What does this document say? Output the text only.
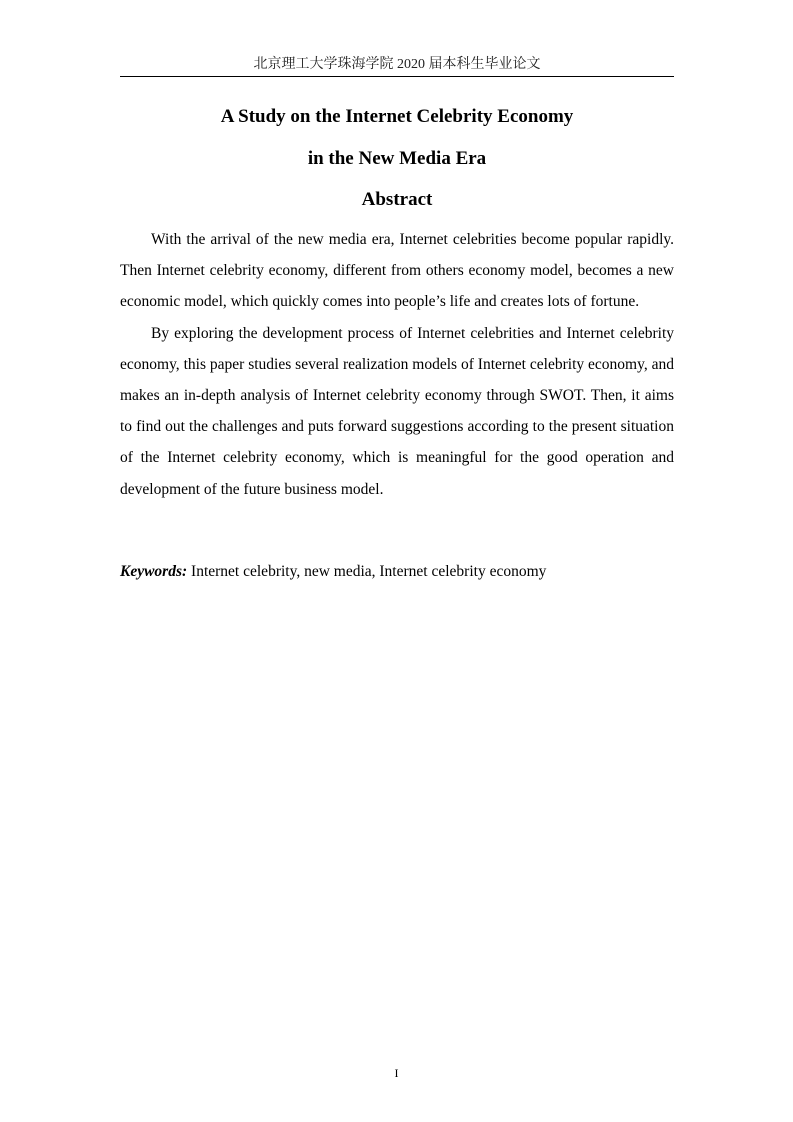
北京理工大学珠海学院 2020 届本科生毕业论文
A Study on the Internet Celebrity Economy
in the New Media Era
Abstract

With the arrival of the new media era, Internet celebrities become popular rapidly. Then Internet celebrity economy, different from others economy model, becomes a new economic model, which quickly comes into people’s life and creates lots of fortune.

By exploring the development process of Internet celebrities and Internet celebrity economy, this paper studies several realization models of Internet celebrity economy, and makes an in-depth analysis of Internet celebrity economy through SWOT. Then, it aims to find out the challenges and puts forward suggestions according to the present situation of the Internet celebrity economy, which is meaningful for the good operation and development of the future business model.

Keywords: Internet celebrity, new media, Internet celebrity economy
I
